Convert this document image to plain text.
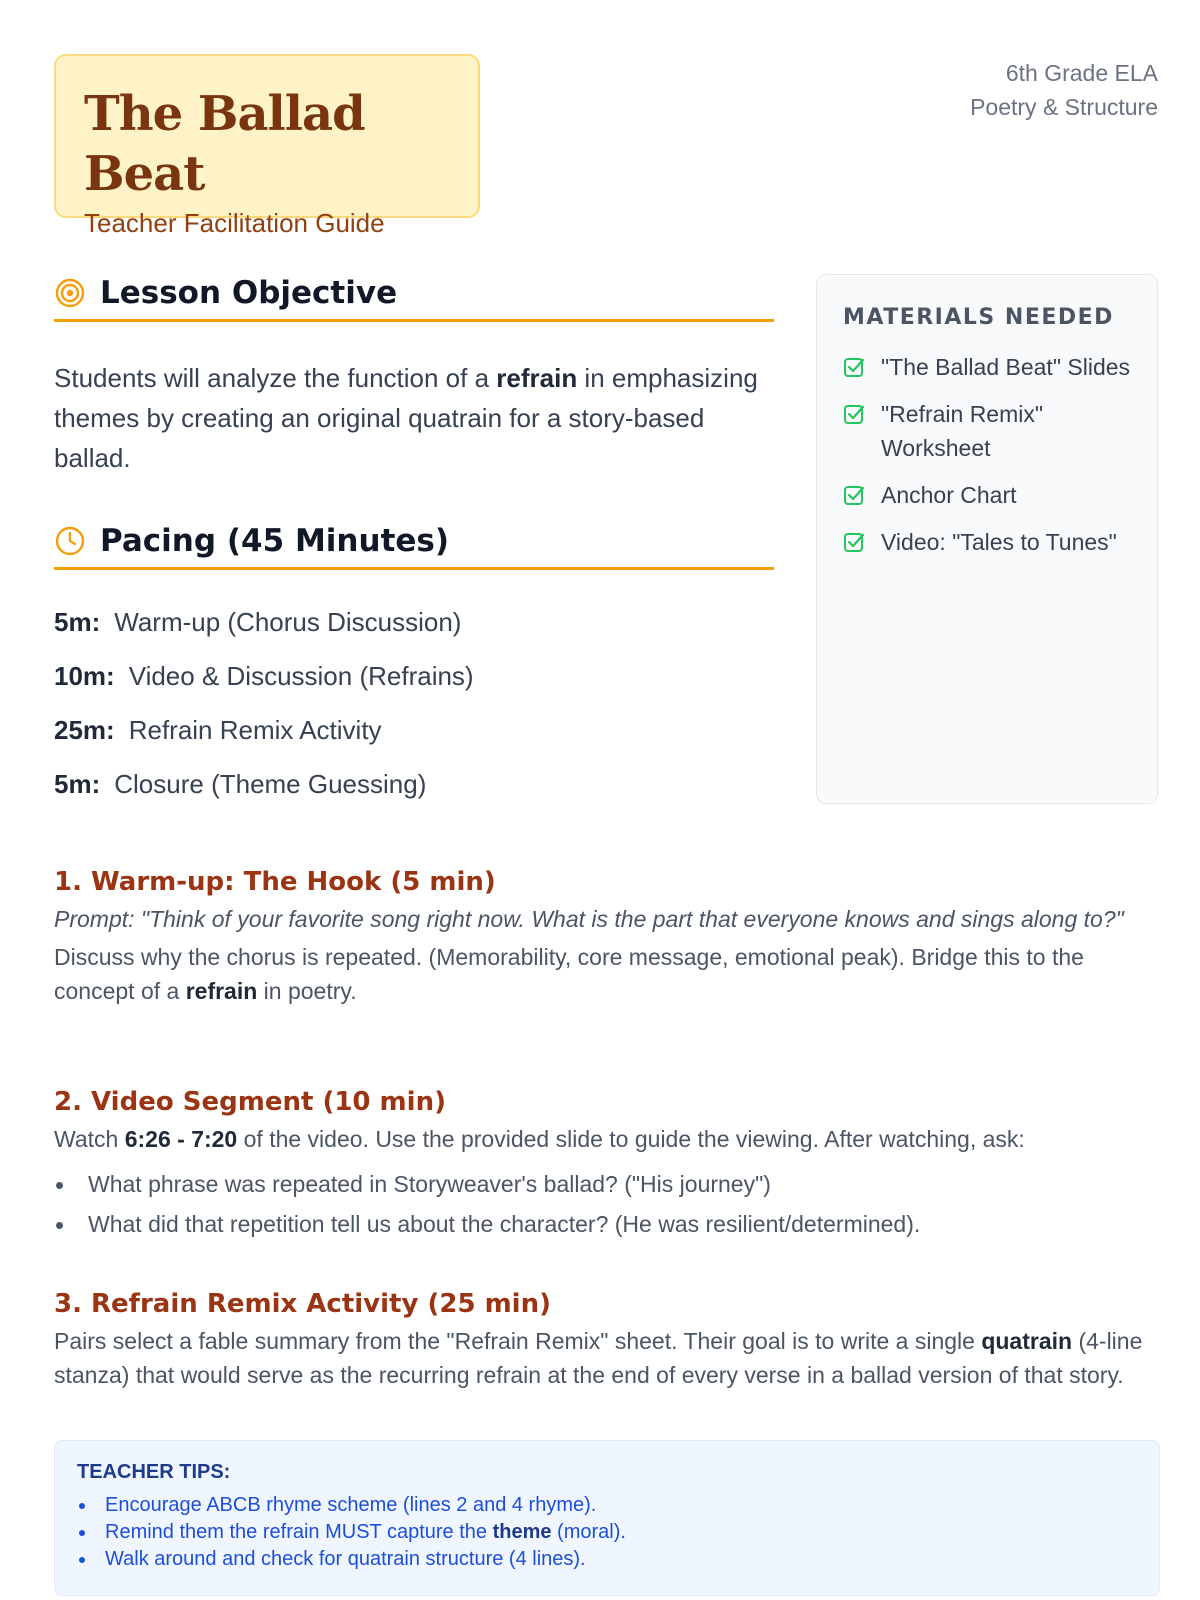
The Ballad Beat
Teacher Facilitation Guide
6th Grade ELA
Poetry & Structure
Lesson Objective

Students will analyze the function of a refrain in emphasizing themes by creating an original quatrain for a story-based ballad.

Pacing (45 Minutes)
5m: Warm-up (Chorus Discussion)
10m: Video & Discussion (Refrains)
25m: Refrain Remix Activity
5m: Closure (Theme Guessing)
MATERIALS NEEDED
"The Ballad Beat" Slides
"Refrain Remix" Worksheet
Anchor Chart
Video: "Tales to Tunes"
1. Warm-up: The Hook (5 min)

Prompt: "Think of your favorite song right now. What is the part that everyone knows and sings along to?"

Discuss why the chorus is repeated. (Memorability, core message, emotional peak). Bridge this to the concept of a refrain in poetry.

2. Video Segment (10 min)

Watch 6:26 - 7:20 of the video. Use the provided slide to guide the viewing. After watching, ask:

What phrase was repeated in Storyweaver's ballad? ("His journey")
What did that repetition tell us about the character? (He was resilient/determined).
3. Refrain Remix Activity (25 min)

Pairs select a fable summary from the "Refrain Remix" sheet. Their goal is to write a single quatrain (4-line stanza) that would serve as the recurring refrain at the end of every verse in a ballad version of that story.

TEACHER TIPS:
Encourage ABCB rhyme scheme (lines 2 and 4 rhyme).
Remind them the refrain MUST capture the theme (moral).
Walk around and check for quatrain structure (4 lines).
